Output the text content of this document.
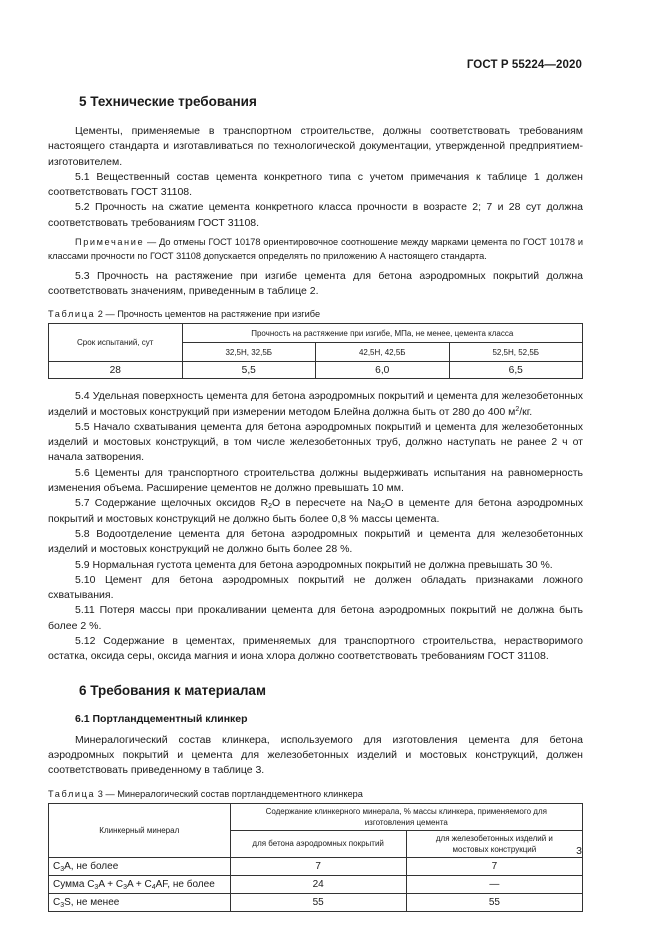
ГОСТ Р 55224—2020
5 Технические требования

Цементы, применяемые в транспортном строительстве, должны соответствовать требованиям настоящего стандарта и изготавливаться по технологической документации, утвержденной предприятием-изготовителем.

5.1 Вещественный состав цемента конкретного типа с учетом примечания к таблице 1 должен соответствовать ГОСТ 31108.

5.2 Прочность на сжатие цемента конкретного класса прочности в возрасте 2; 7 и 28 сут должна соответствовать требованиям ГОСТ 31108.

Примечание — До отмены ГОСТ 10178 ориентировочное соотношение между марками цемента по ГОСТ 10178 и классами прочности по ГОСТ 31108 допускается определять по приложению А настоящего стандарта.

5.3 Прочность на растяжение при изгибе цемента для бетона аэродромных покрытий должна соответствовать значениям, приведенным в таблице 2.

Таблица 2 — Прочность цементов на растяжение при изгибе
Срок испытаний, сут	Прочность на растяжение при изгибе, МПа, не менее, цемента класса		
	32,5Н, 32,5Б	42,5Н, 42,5Б	52,5Н, 52,5Б
28	5,5	6,0	6,5

5.4 Удельная поверхность цемента для бетона аэродромных покрытий и цемента для железобетонных изделий и мостовых конструкций при измерении методом Блейна должна быть от 280 до 400 $м^2/кг$.

5.5 Начало схватывания цемента для бетона аэродромных покрытий и цемента для железобетонных изделий и мостовых конструкций, в том числе железобетонных труб, должно наступать не ранее 2 ч от начала затворения.

5.6 Цементы для транспортного строительства должны выдерживать испытания на равномерность изменения объема. Расширение цементов не должно превышать 10 мм.

5.7 Содержание щелочных оксидов $R_2O$ в пересчете на $Na_2O$ в цементе для бетона аэродромных покрытий и мостовых конструкций не должно быть более 0,8 % массы цемента.

5.8 Водоотделение цемента для бетона аэродромных покрытий и цемента для железобетонных изделий и мостовых конструкций не должно быть более 28 %.

5.9 Нормальная густота цемента для бетона аэродромных покрытий не должна превышать 30 %.

5.10 Цемент для бетона аэродромных покрытий не должен обладать признаками ложного схватывания.

5.11 Потеря массы при прокаливании цемента для бетона аэродромных покрытий не должна быть более 2 %.

5.12 Содержание в цементах, применяемых для транспортного строительства, нерастворимого остатка, оксида серы, оксида магния и иона хлора должно соответствовать требованиям ГОСТ 31108.

6 Требования к материалам
6.1 Портландцементный клинкер

Минералогический состав клинкера, используемого для изготовления цемента для бетона аэродромных покрытий и цемента для железобетонных изделий и мостовых конструкций, должен соответствовать приведенному в таблице 3.

Таблица 3 — Минералогический состав портландцементного клинкера
Клинкерный минерал	Содержание клинкерного минерала, % массы клинкера, применяемого для изготовления цемента	
	для бетона аэродромных покрытий	для железобетонных изделий и мостовых конструкций
$C_3A$, не более	7	7
Сумма $C_3A + C_3A + C_4AF$, не более	24	—
$C_3S$, не менее	55	55
3
